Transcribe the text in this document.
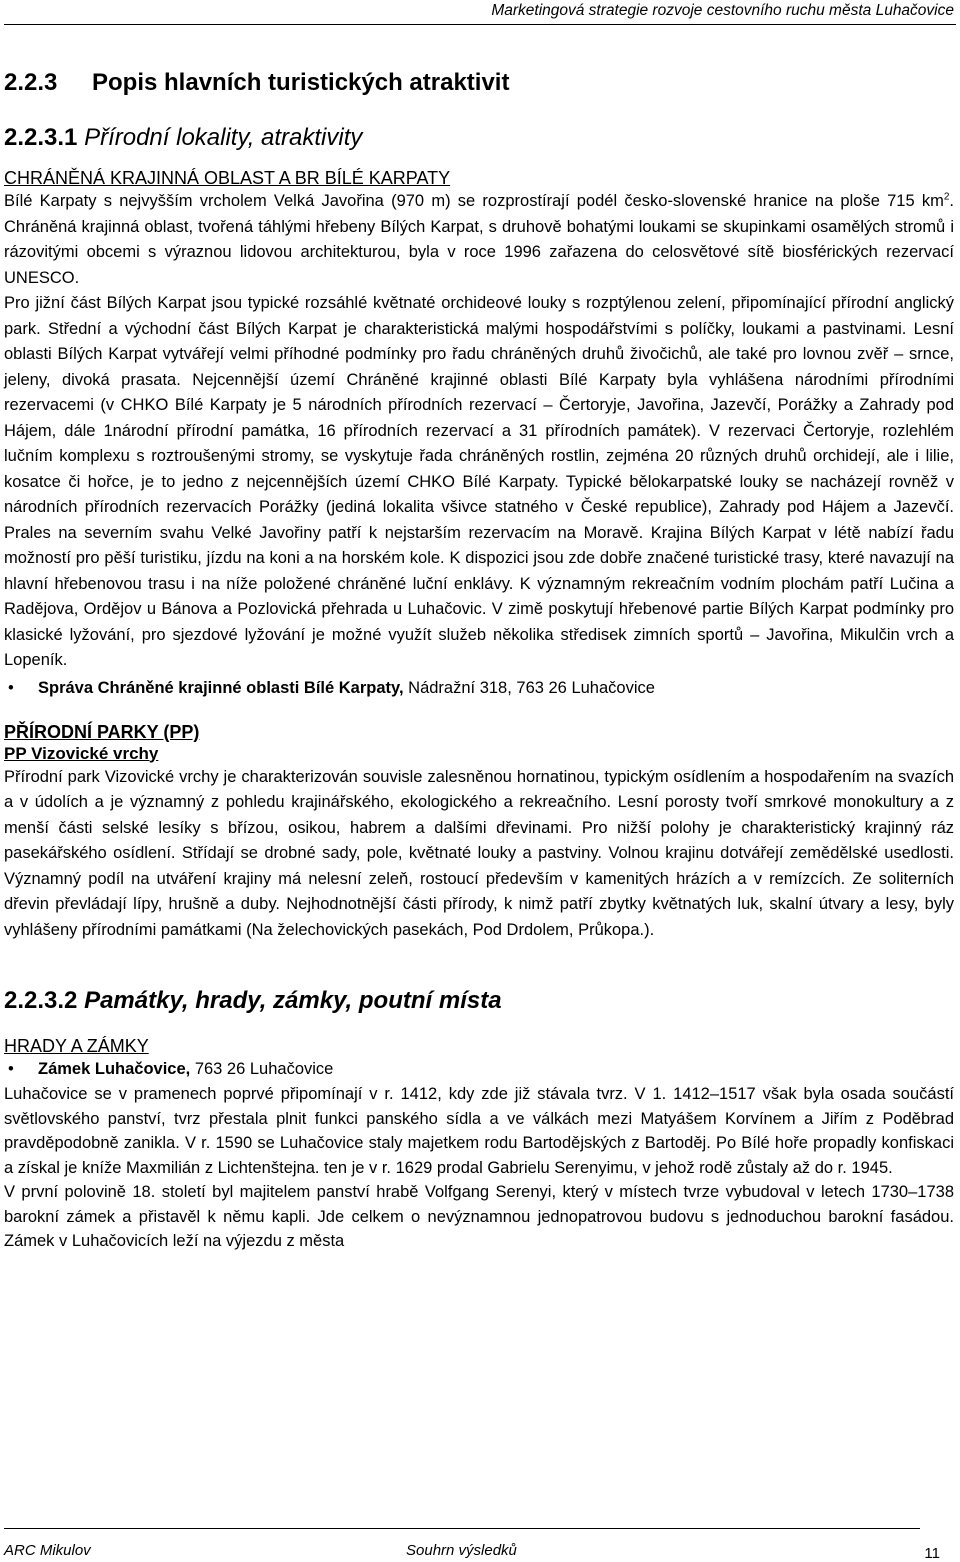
Marketingová strategie rozvoje cestovního ruchu města Luhačovice
2.2.3 Popis hlavních turistických atraktivit
2.2.3.1 Přírodní lokality, atraktivity

CHRÁNĚNÁ KRAJINNÁ OBLAST A BR BÍLÉ KARPATY

Bílé Karpaty s nejvyšším vrcholem Velká Javořina (970 m) se rozprostírají podél česko-slovenské hranice na ploše 715 $km^2$. Chráněná krajinná oblast, tvořená táhlými hřebeny Bílých Karpat, s druhově bohatými loukami se skupinkami osamělých stromů i rázovitými obcemi s výraznou lidovou architekturou, byla v roce 1996 zařazena do celosvětové sítě biosférických rezervací UNESCO.

Pro jižní část Bílých Karpat jsou typické rozsáhlé květnaté orchideové louky s rozptýlenou zelení, připomínající přírodní anglický park. Střední a východní část Bílých Karpat je charakteristická malými hospodářstvími s políčky, loukami a pastvinami. Lesní oblasti Bílých Karpat vytvářejí velmi příhodné podmínky pro řadu chráněných druhů živočichů, ale také pro lovnou zvěř – srnce, jeleny, divoká prasata. Nejcennější území Chráněné krajinné oblasti Bílé Karpaty byla vyhlášena národními přírodními rezervacemi (v CHKO Bílé Karpaty je 5 národních přírodních rezervací – Čertoryje, Javořina, Jazevčí, Porážky a Zahrady pod Hájem, dále 1národní přírodní památka, 16 přírodních rezervací a 31 přírodních památek). V rezervaci Čertoryje, rozlehlém lučním komplexu s roztroušenými stromy, se vyskytuje řada chráněných rostlin, zejména 20 různých druhů orchidejí, ale i lilie, kosatce či hořce, je to jedno z nejcennějších území CHKO Bílé Karpaty. Typické bělokarpatské louky se nacházejí rovněž v národních přírodních rezervacích Porážky (jediná lokalita všivce statného v České republice), Zahrady pod Hájem a Jazevčí. Prales na severním svahu Velké Javořiny patří k nejstarším rezervacím na Moravě. Krajina Bílých Karpat v létě nabízí řadu možností pro pěší turistiku, jízdu na koni a na horském kole. K dispozici jsou zde dobře značené turistické trasy, které navazují na hlavní hřebenovou trasu i na níže položené chráněné luční enklávy. K významným rekreačním vodním plochám patří Lučina a Radějova, Ordějov u Bánova a Pozlovická přehrada u Luhačovic. V zimě poskytují hřebenové partie Bílých Karpat podmínky pro klasické lyžování, pro sjezdové lyžování je možné využít služeb několika středisek zimních sportů – Javořina, Mikulčin vrch a Lopeník.

•	Správa Chráněné krajinné oblasti Bílé Karpaty, Nádražní 318, 763 26 Luhačovice

PŘÍRODNÍ PARKY (PP)

PP Vizovické vrchy

Přírodní park Vizovické vrchy je charakterizován souvisle zalesněnou hornatinou, typickým osídlením a hospodařením na svazích a v údolích a je významný z pohledu krajinářského, ekologického a rekreačního. Lesní porosty tvoří smrkové monokultury a z menší části selské lesíky s břízou, osikou, habrem a dalšími dřevinami. Pro nižší polohy je charakteristický krajinný ráz pasekářského osídlení. Střídají se drobné sady, pole, květnaté louky a pastviny. Volnou krajinu dotvářejí zemědělské usedlosti. Významný podíl na utváření krajiny má nelesní zeleň, rostoucí především v kamenitých hrázích a v remízcích. Ze soliterních dřevin převládají lípy, hrušně a duby. Nejhodnotnější části přírody, k nimž patří zbytky květnatých luk, skalní útvary a lesy, byly vyhlášeny přírodními památkami (Na želechovických pasekách, Pod Drdolem, Průkopa.).

2.2.3.2 Památky, hrady, zámky, poutní místa

HRADY A ZÁMKY

•	Zámek Luhačovice, 763 26 Luhačovice

Luhačovice se v pramenech poprvé připomínají v r. 1412, kdy zde již stávala tvrz. V 1. 1412–1517 však byla osada součástí světlovského panství, tvrz přestala plnit funkci panského sídla a ve válkách mezi Matyášem Korvínem a Jiřím z Poděbrad pravděpodobně zanikla. V r. 1590 se Luhačovice staly majetkem rodu Bartodějských z Bartoděj. Po Bílé hoře propadly konfiskaci a získal je kníže Maxmilián z Lichtenštejna. ten je v r. 1629 prodal Gabrielu Serenyimu, v jehož rodě zůstaly až do r. 1945.

V první polovině 18. století byl majitelem panství hrabě Volfgang Serenyi, který v místech tvrze vybudoval v letech 1730–1738 barokní zámek a přistavěl k němu kapli. Jde celkem o nevýznamnou jednopatrovou budovu s jednoduchou barokní fasádou. Zámek v Luhačovicích leží na výjezdu z města

ARC Mikulov	Souhrn výsledků	11
